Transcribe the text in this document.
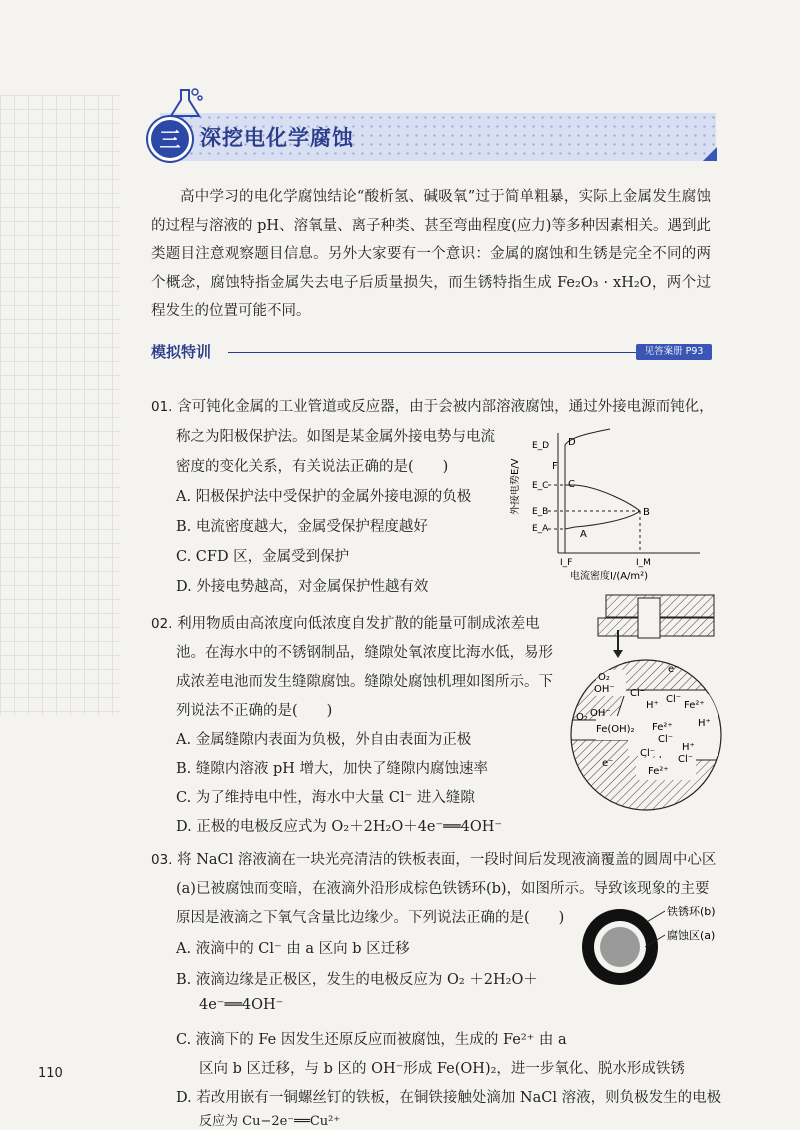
三 深挖电化学腐蚀

高中学习的电化学腐蚀结论“酸析氢、碱吸氧”过于简单粗暴，实际上金属发生腐蚀的过程与溶液的 pH、溶氧量、离子种类、甚至弯曲程度(应力)等多种因素相关。遇到此类题目注意观察题目信息。另外大家要有一个意识：金属的腐蚀和生锈是完全不同的两个概念，腐蚀特指金属失去电子后质量损失，而生锈特指生成 Fe₂O₃ · xH₂O，两个过程发生的位置可能不同。

模拟特训	见答案册 P93
01. 含可钝化金属的工业管道或反应器，由于会被内部溶液腐蚀，通过外接电源而钝化，
称之为阳极保护法。如图是某金属外接电势与电流
密度的变化关系，有关说法正确的是(　　)
A. 阳极保护法中受保护的金属外接电源的负极
B. 电流密度越大，金属受保护程度越好
C. CFD 区，金属受到保护
D. 外接电势越高，对金属保护性越有效
外接电势E/V
E_D
E_C
E_B
E_A
D
F
C
B
A
I_F	I_M
电流密度I/(A/m²)
02. 利用物质由高浓度向低浓度自发扩散的能量可制成浓差电
池。在海水中的不锈钢制品，缝隙处氧浓度比海水低，易形
成浓差电池而发生缝隙腐蚀。缝隙处腐蚀机理如图所示。下
列说法不正确的是(　　)
A. 金属缝隙内表面为负极，外自由表面为正极
B. 缝隙内溶液 pH 增大，加快了缝隙内腐蚀速率
C. 为了维持电中性，海水中大量 Cl⁻ 进入缝隙
D. 正极的电极反应式为 O₂＋2H₂O＋4e⁻══4OH⁻
O₂
OH⁻
e⁻
Cl⁻
H⁺
Cl⁻
Fe²⁺
O₂ OH⁻
Fe(OH)₂ Fe²⁺	H⁺
Cl⁻
Cl⁻
H⁺
Cl⁻
e⁻
Fe²⁺
03. 将 NaCl 溶液滴在一块光亮清洁的铁板表面，一段时间后发现液滴覆盖的圆周中心区
(a)已被腐蚀而变暗，在液滴外沿形成棕色铁锈环(b)，如图所示。导致该现象的主要
原因是液滴之下氧气含量比边缘少。下列说法正确的是(　　)
A. 液滴中的 Cl⁻ 由 a 区向 b 区迁移
B. 液滴边缘是正极区，发生的电极反应为 O₂ ＋2H₂O＋
4e⁻══4OH⁻
C. 液滴下的 Fe 因发生还原反应而被腐蚀，生成的 Fe²⁺ 由 a
区向 b 区迁移，与 b 区的 OH⁻形成 Fe(OH)₂，进一步氧化、脱水形成铁锈
D. 若改用嵌有一铜螺丝钉的铁板，在铜铁接触处滴加 NaCl 溶液，则负极发生的电极
反应为 Cu−2e⁻══Cu²⁺
铁锈环(b)
腐蚀区(a)
110
